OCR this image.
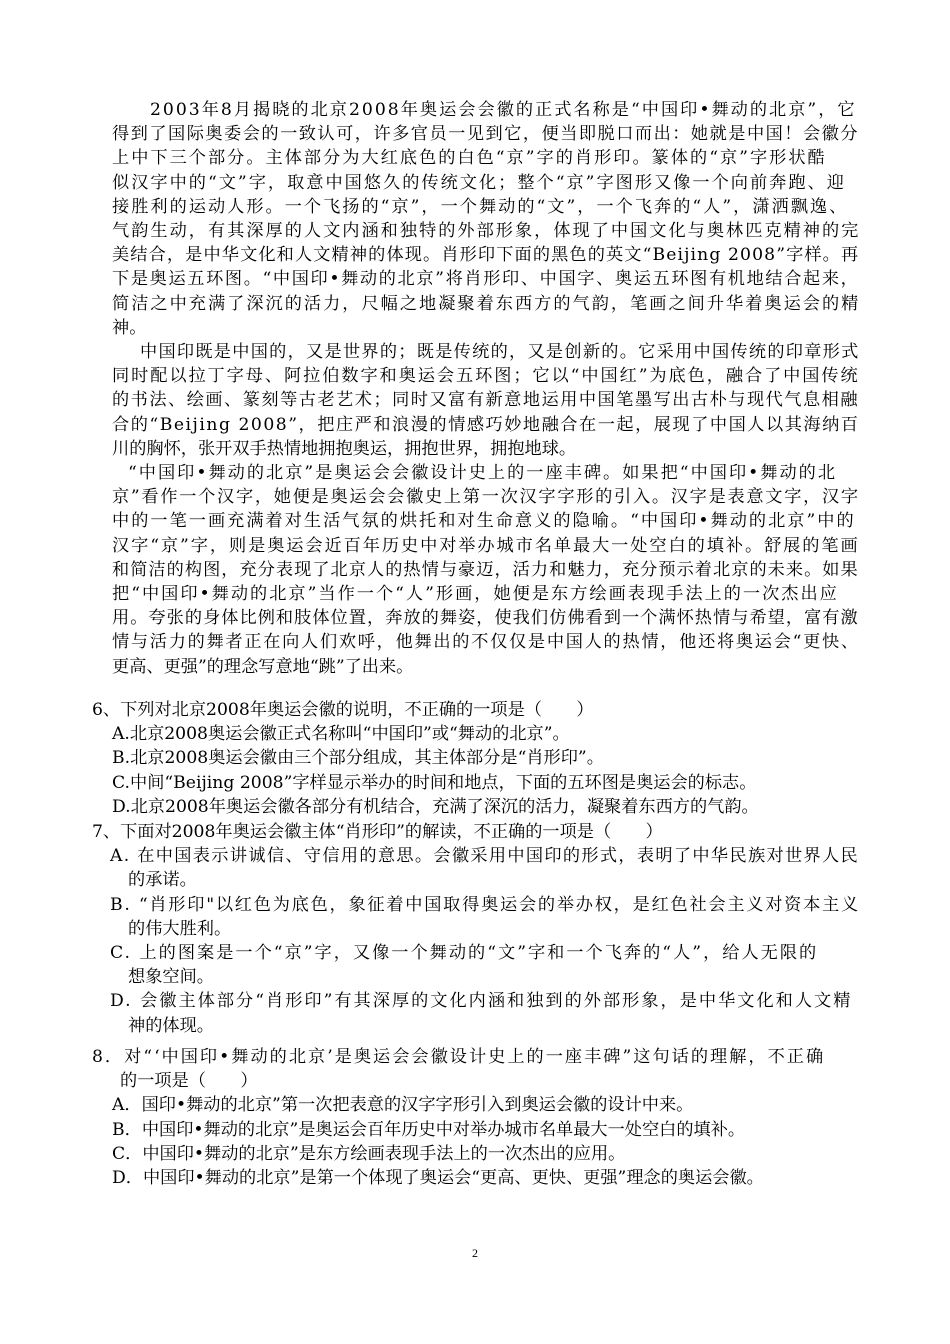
2003年8月揭晓的北京2008年奥运会会徽的正式名称是“中国印•舞动的北京”，它
得到了国际奥委会的一致认可，许多官员一见到它，便当即脱口而出：她就是中国！会徽分
上中下三个部分。主体部分为大红底色的白色“京”字的肖形印。篆体的“京”字形状酷
似汉字中的“文”字，取意中国悠久的传统文化；整个“京”字图形又像一个向前奔跑、迎
接胜利的运动人形。一个飞扬的“京”，一个舞动的“文”，一个飞奔的“人”，潇洒飘逸、
气韵生动，有其深厚的人文内涵和独特的外部形象，体现了中国文化与奥林匹克精神的完
美结合，是中华文化和人文精神的体现。肖形印下面的黑色的英文“Beijing 2008”字样。再
下是奥运五环图。“中国印•舞动的北京”将肖形印、中国字、奥运五环图有机地结合起来，
简洁之中充满了深沉的活力，尺幅之地凝聚着东西方的气韵，笔画之间升华着奥运会的精
神。
中国印既是中国的，又是世界的；既是传统的，又是创新的。它采用中国传统的印章形式
同时配以拉丁字母、阿拉伯数字和奥运会五环图；它以“中国红”为底色，融合了中国传统
的书法、绘画、篆刻等古老艺术；同时又富有新意地运用中国笔墨写出古朴与现代气息相融
合的“Beijing 2008”，把庄严和浪漫的情感巧妙地融合在一起，展现了中国人以其海纳百
川的胸怀，张开双手热情地拥抱奥运，拥抱世界，拥抱地球。
“中国印•舞动的北京”是奥运会会徽设计史上的一座丰碑。如果把“中国印•舞动的北
京”看作一个汉字，她便是奥运会会徽史上第一次汉字字形的引入。汉字是表意文字，汉字
中的一笔一画充满着对生活气氛的烘托和对生命意义的隐喻。“中国印•舞动的北京”中的
汉字“京”字，则是奥运会近百年历史中对举办城市名单最大一处空白的填补。舒展的笔画
和简洁的构图，充分表现了北京人的热情与豪迈，活力和魅力，充分预示着北京的未来。如果
把“中国印•舞动的北京”当作一个“人”形画，她便是东方绘画表现手法上的一次杰出应
用。夸张的身体比例和肢体位置，奔放的舞姿，使我们仿佛看到一个满怀热情与希望，富有激
情与活力的舞者正在向人们欢呼，他舞出的不仅仅是中国人的热情，他还将奥运会“更快、
更高、更强”的理念写意地“跳”了出来。
6、下列对北京2008年奥运会徽的说明，不正确的一项是（　　）
A.北京2008奥运会徽正式名称叫“中国印”或“舞动的北京”。
B.北京2008奥运会徽由三个部分组成，其主体部分是“肖形印”。
C.中间“Beijing 2008”字样显示举办的时间和地点，下面的五环图是奥运会的标志。
D.北京2008年奥运会徽各部分有机结合，充满了深沉的活力，凝聚着东西方的气韵。
7、下面对2008年奥运会徽主体“肖形印”的解读，不正确的一项是（　　）
A. 在中国表示讲诚信、守信用的意思。会徽采用中国印的形式，表明了中华民族对世界人民
的承诺。
B. “肖形印"以红色为底色，象征着中国取得奥运会的举办权，是红色社会主义对资本主义
的伟大胜利。
C. 上的图案是一个“京”字，又像一个舞动的“文”字和一个飞奔的“人”，给人无限的
想象空间。
D. 会徽主体部分“肖形印”有其深厚的文化内涵和独到的外部形象，是中华文化和人文精
神的体现。
8．对“‘中国印•舞动的北京’是奥运会会徽设计史上的一座丰碑”这句话的理解，不正确
的一项是（　　）
A．国印•舞动的北京”第一次把表意的汉字字形引入到奥运会徽的设计中来。
B．中国印•舞动的北京”是奥运会百年历史中对举办城市名单最大一处空白的填补。
C．中国印•舞动的北京”是东方绘画表现手法上的一次杰出的应用。
D．中国印•舞动的北京”是第一个体现了奥运会“更高、更快、更强”理念的奥运会徽。
2
